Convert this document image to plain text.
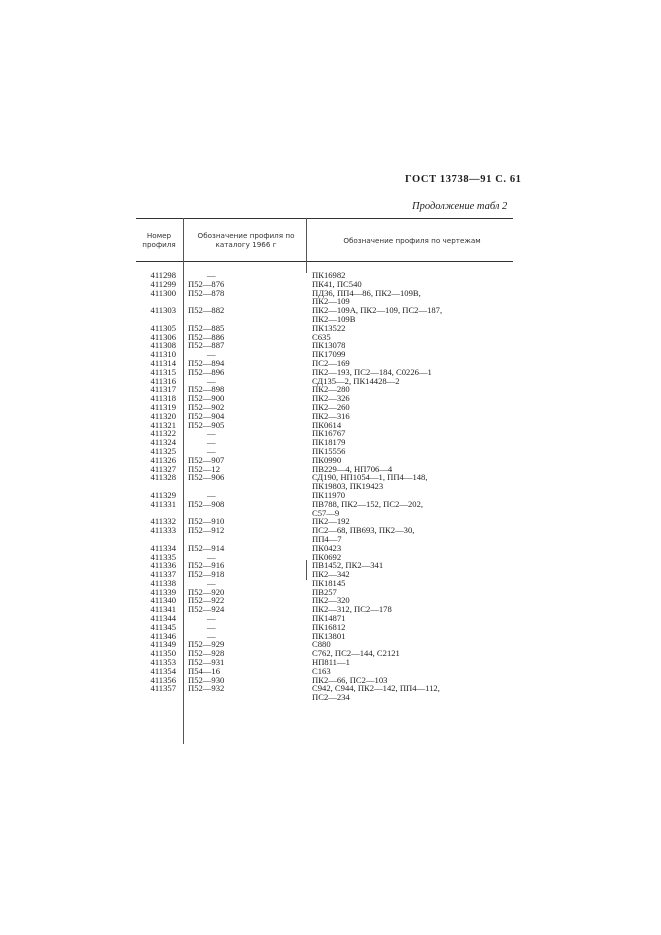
ГОСТ 13738—91 С. 61
Продолжение табл 2
Номер профиля
Обозначение профиля по каталогу 1966 г	Обозначение профиля по чертежам
411298	—	ПК16982
411299 П52—876	ПК41, ПС540
411300 П52—878	ПД36, ПП4—86, ПК2—109В,
ПК2—109
411303 П52—882	ПК2—109А, ПК2—109, ПС2—187,
ПК2—109В
411305 П52—885	ПК13522
411306 П52—886	С635
411308 П52—887	ПК13078
411310	—	ПК17099
411314 П52—894	ПС2—169
411315 П52—896	ПК2—193, ПС2—184, С0226—1
411316	—	СД135—2, ПК14428—2
411317 П52—898	ПК2—280
411318 П52—900	ПК2—326
411319 П52—902	ПК2—260
411320 П52—904	ПК2—316
411321 П52—905	ПК0614
411322	—	ПК16767
411324	—	ПК18179
411325	—	ПК15556
411326 П52—907	ПК0990
411327 П52—12	ПВ229—4, НП706—4
411328 П52—906	СД190, НП1054—1, ПП4—148,
ПК19803, ПК19423
411329	—	ПК11970
411331 П52—908	ПВ788, ПК2—152, ПС2—202,
С57—9
411332 П52—910	ПК2—192
411333 П52—912	ПС2—68, ПВ693, ПК2—30,
ПП4—7
411334 П52—914	ПК0423
411335	—	ПК0692
411336 П52—916	ПВ1452, ПК2—341
411337 П52—918	ПК2—342
411338	—	ПК18145
411339 П52—920	ПВ257
411340 П52—922	ПК2—320
411341 П52—924	ПК2—312, ПС2—178
411344	—	ПК14871
411345	—	ПК16812
411346	—	ПК13801
411349 П52—929	С880
411350 П52—928	С762, ПС2—144, С2121
411353 П52—931	НП811—1
411354 П54—16	С163
411356 П52—930	ПК2—66, ПС2—103
411357 П52—932	С942, С944, ПК2—142, ПП4—112,
ПС2—234
